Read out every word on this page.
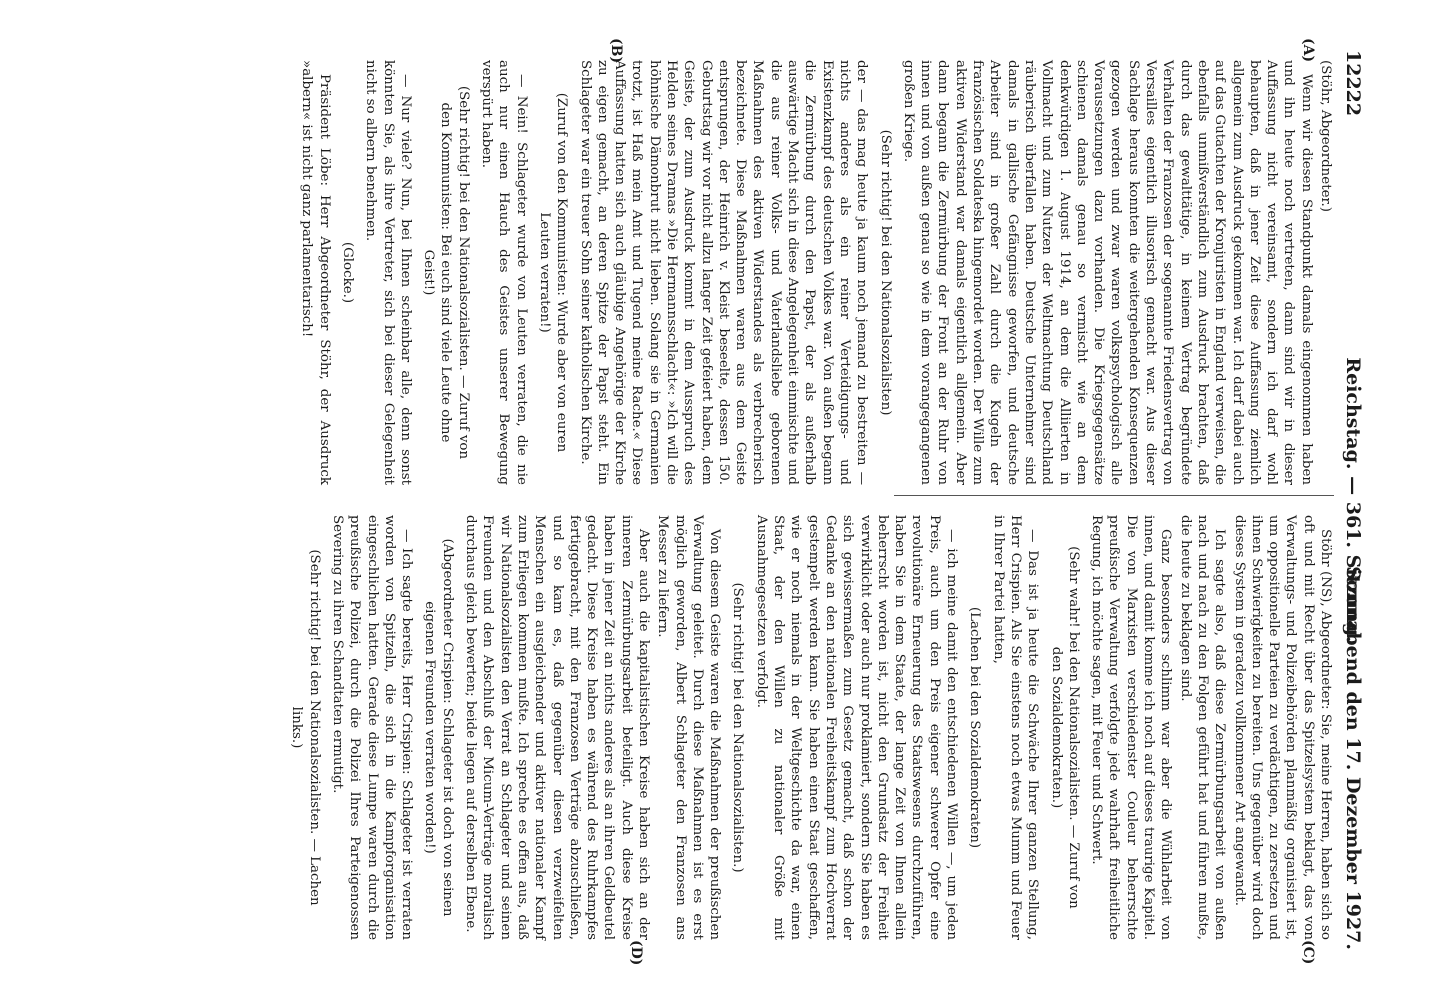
12222
Reichstag. — 361. Sitzung.
Sonnabend den 17. Dezember 1927.
(A)
(B)
(C)
(D)

(Stöhr, Abgeordneter.)

Wenn wir diesen Standpunkt damals eingenommen haben und ihn heute noch vertreten, dann sind wir in dieser Auffassung nicht vereinsamt, sondern ich darf wohl behaupten, daß in jener Zeit diese Auffassung ziemlich allgemein zum Ausdruck gekommen war. Ich darf dabei auch auf das Gutachten der Kronjuristen in England verweisen, die ebenfalls unmißverständlich zum Ausdruck brachten, daß durch das gewalttätige, in keinem Vertrag begründete Verhalten der Franzosen der sogenannte Friedensvertrag von Versailles eigentlich illusorisch gemacht war. Aus dieser Sachlage heraus konnten die weitergehenden Konsequenzen gezogen werden und zwar waren volkspsychologisch alle Voraussetzungen dazu vorhanden. Die Kriegsgegensätze schienen damals genau so vermischt wie an dem denkwürdigen 1. August 1914, an dem die Alliierten in Vollmacht und zum Nutzen der Weltmachtung Deutschland räuberisch überfallen haben. Deutsche Unternehmer sind damals in gallische Gefängnisse geworfen, und deutsche Arbeiter sind in großer Zahl durch die Kugeln der französischen Soldateska hingemordet worden. Der Wille zum aktiven Widerstand war damals eigentlich allgemein. Aber dann begann die Zermürbung der Front an der Ruhr von innen und von außen genau so wie in dem vorangegangenen großen Kriege.

(Sehr richtig! bei den Nationalsozialisten)

der — das mag heute ja kaum noch jemand zu bestreiten — nichts anderes als ein reiner Verteidigungs- und Existenzkampf des deutschen Volkes war. Von außen begann die Zermürbung durch den Papst, der als außerhalb auswärtige Macht sich in diese Angelegenheit einmischte und die aus reiner Volks- und Vaterlandsliebe geborenen Maßnahmen des aktiven Widerstandes als verbrecherisch bezeichnete. Diese Maßnahmen waren aus dem Geiste entsprungen, der Heinrich v. Kleist beseelte, dessen 150. Geburtstag wir vor nicht allzu langer Zeit gefeiert haben, dem Geiste, der zum Ausdruck kommt in dem Ausspruch des Helden seines Dramas »Die Hermannsschlacht«: »Ich will die höhnische Dämonbrut nicht lieben. Solang sie in Germanien trotzt, ist Haß mein Amt und Tugend meine Rache.« Diese Auffassung hatten sich auch gläubige Angehörige der Kirche zu eigen gemacht, an deren Spitze der Papst steht. Ein Schlageter war ein treuer Sohn seiner katholischen Kirche.

(Zuruf von den Kommunisten: Wurde aber von euren Leuten verraten!)

— Nein! Schlageter wurde von Leuten verraten, die nie auch nur einen Hauch des Geistes unserer Bewegung verspürt haben.

(Sehr richtig! bei den Nationalsozialisten. — Zuruf von den Kommunisten: Bei euch sind viele Leute ohne Geist!)

— Nur viele? Nun, bei Ihnen scheinbar alle, denn sonst könnten Sie, als ihre Vertreter, sich bei dieser Gelegenheit nicht so albern benehmen.

(Glocke.)

Präsident Löbe: Herr Abgeordneter Stöhr, der Ausdruck »albern« ist nicht ganz parlamentarisch!

Stöhr (NS), Abgeordneter: Sie, meine Herren, haben sich so oft und mit Recht über das Spitzelsystem beklagt, das von Verwaltungs- und Polizeibehörden planmäßig organisiert ist, um oppositionelle Parteien zu verdächtigen, zu zersetzen und ihnen Schwierigkeiten zu bereiten. Uns gegenüber wird doch dieses System in geradezu vollkommener Art angewandt.

Ich sagte also, daß diese Zermürbungsarbeit von außen nach und nach zu den Folgen geführt hat und führen mußte, die heute zu beklagen sind.

Ganz besonders schlimm war aber die Wühlarbeit von innen, und damit komme ich noch auf dieses traurige Kapitel. Die von Marxisten verschiedenster Couleur beherrschte preußische Verwaltung verfolgte jede wahrhaft freiheitliche Regung, ich möchte sagen, mit Feuer und Schwert.

(Sehr wahr! bei den Nationalsozialisten. — Zuruf von den Sozialdemokraten.)

— Das ist ja heute die Schwäche Ihrer ganzen Stellung, Herr Crispien. Als Sie einstens noch etwas Mumm und Feuer in Ihrer Partei hatten,

(Lachen bei den Sozialdemokraten)

— ich meine damit den entschiedenen Willen —, um jeden Preis, auch um den Preis eigener schwerer Opfer eine revolutionäre Erneuerung des Staatswesens durchzuführen, haben Sie in dem Staate, der lange Zeit von Ihnen allein beherrscht worden ist, nicht den Grundsatz der Freiheit verwirklicht oder auch nur proklamiert, sondern Sie haben es sich gewissermaßen zum Gesetz gemacht, daß schon der Gedanke an den nationalen Freiheitskampf zum Hochverrat gestempelt werden kann. Sie haben einen Staat geschaffen, wie er noch niemals in der Weltgeschichte da war, einen Staat, der den Willen zu nationaler Größe mit Ausnahmegesetzen verfolgt.

(Sehr richtig! bei den Nationalsozialisten.)

Von diesem Geiste waren die Maßnahmen der preußischen Verwaltung geleitet. Durch diese Maßnahmen ist es erst möglich geworden, Albert Schlageter den Franzosen ans Messer zu liefern.

Aber auch die kapitalistischen Kreise haben sich an der inneren Zermürbungsarbeit beteiligt. Auch diese Kreise haben in jener Zeit an nichts anderes als an ihren Geldbeutel gedacht. Diese Kreise haben es während des Ruhrkampfes fertiggebracht, mit den Franzosen Verträge abzuschließen, und so kam es, daß gegenüber diesen verzweifelten Menschen ein ausgleichender und aktiver nationaler Kampf zum Erliegen kommen mußte. Ich spreche es offen aus, daß wir Nationalsozialisten den Verrat an Schlageter und seinen Freunden und den Abschluß der Micum-Verträge moralisch durchaus gleich bewerten; beide liegen auf derselben Ebene.

(Abgeordneter Crispien: Schlageter ist doch von seinen eigenen Freunden verraten worden!)

— Ich sagte bereits, Herr Crispien: Schlageter ist verraten worden von Spitzeln, die sich in die Kampforganisation eingeschlichen hatten. Gerade diese Lumpe waren durch die preußische Polizei, durch die Polizei Ihres Parteigenossen Severing zu ihren Schandtaten ermutigt.

(Sehr richtig! bei den Nationalsozialisten. — Lachen links.)
